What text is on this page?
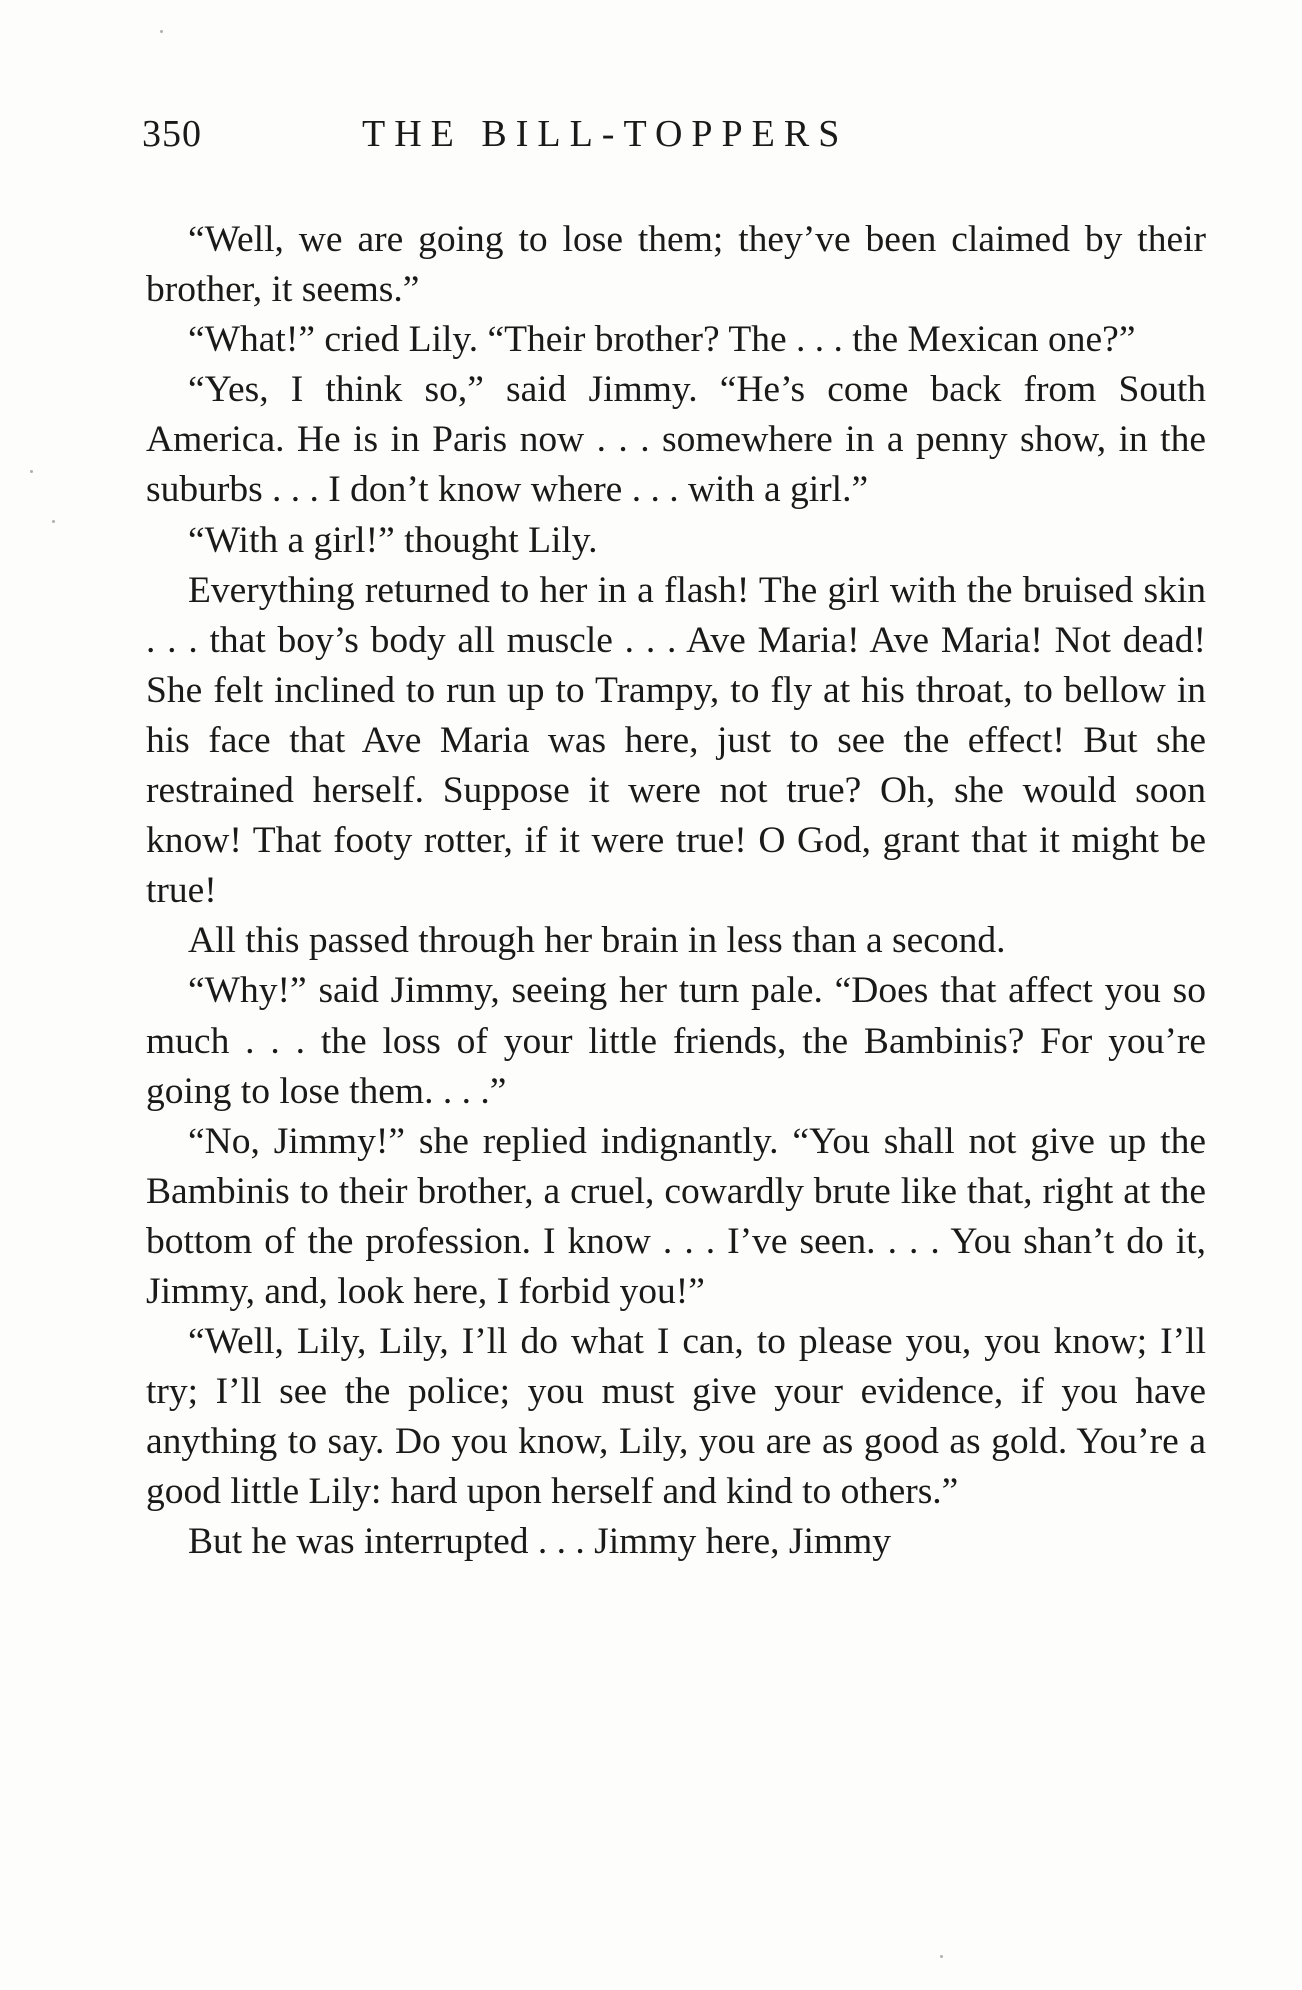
350	THE BILL-TOPPERS

“Well, we are going to lose them; they’ve been claimed by their brother, it seems.”

“What!” cried Lily. “Their brother? The . . . the Mexican one?”

“Yes, I think so,” said Jimmy. “He’s come back from South America. He is in Paris now . . . somewhere in a penny show, in the suburbs . . . I don’t know where . . . with a girl.”

“With a girl!” thought Lily.

Everything returned to her in a flash! The girl with the bruised skin . . . that boy’s body all muscle . . . Ave Maria! Ave Maria! Not dead! She felt inclined to run up to Trampy, to fly at his throat, to bellow in his face that Ave Maria was here, just to see the effect! But she restrained herself. Suppose it were not true? Oh, she would soon know! That footy rotter, if it were true! O God, grant that it might be true!

All this passed through her brain in less than a second.

“Why!” said Jimmy, seeing her turn pale. “Does that affect you so much . . . the loss of your little friends, the Bambinis? For you’re going to lose them. . . .”

“No, Jimmy!” she replied indignantly. “You shall not give up the Bambinis to their brother, a cruel, cowardly brute like that, right at the bottom of the profession. I know . . . I’ve seen. . . . You shan’t do it, Jimmy, and, look here, I forbid you!”

“Well, Lily, Lily, I’ll do what I can, to please you, you know; I’ll try; I’ll see the police; you must give your evidence, if you have anything to say. Do you know, Lily, you are as good as gold. You’re a good little Lily: hard upon herself and kind to others.”

But he was interrupted . . . Jimmy here, Jimmy
